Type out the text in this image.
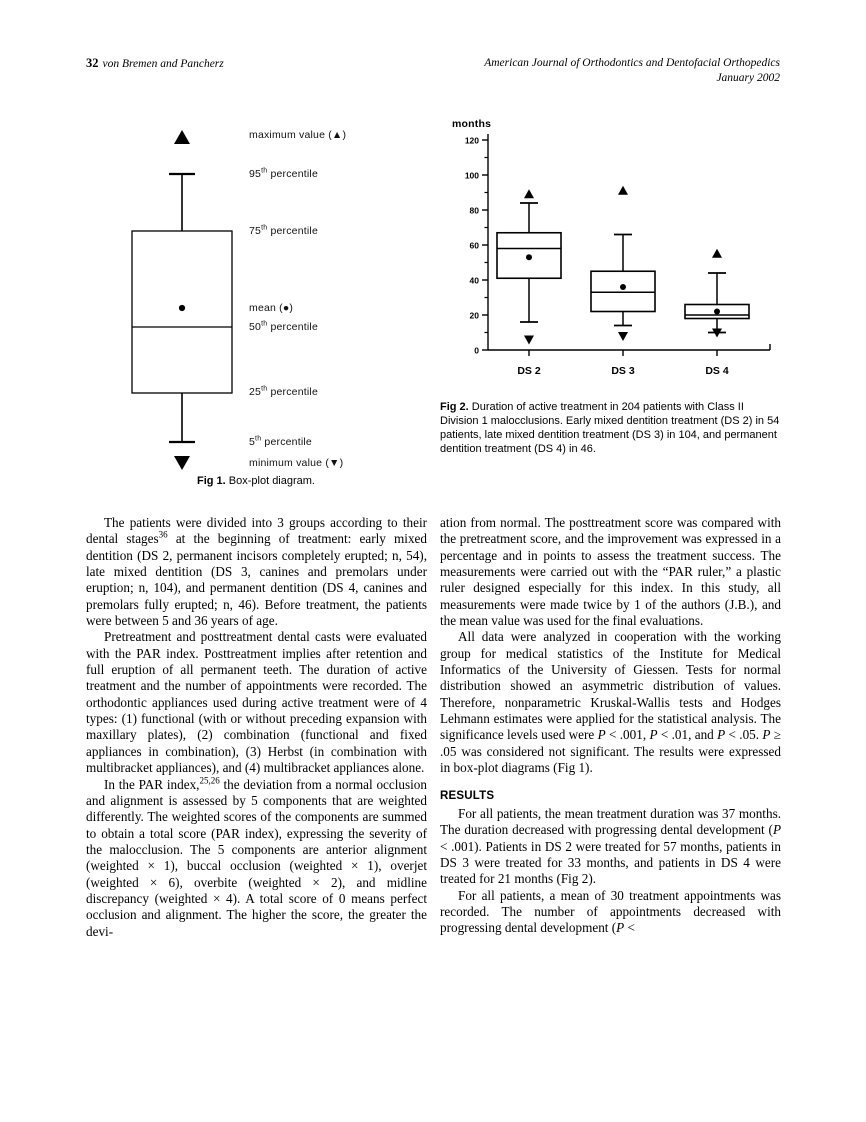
32 von Bremen and Pancherz	American Journal of Orthodontics and Dentofacial Orthopedics
January 2002
maximum value (▲)
95th percentile
75th percentile
mean (●)
50th percentile
25th percentile
5th percentile
minimum value (▼)
Fig 1. Box-plot diagram.
months
0
20
40
60
80
100
120
DS 2	DS 3	DS 4
Fig 2. Duration of active treatment in 204 patients with Class II Division 1 malocclusions. Early mixed dentition treatment (DS 2) in 54 patients, late mixed dentition treatment (DS 3) in 104, and permanent dentition treatment (DS 4) in 46.

The patients were divided into 3 groups according to their dental stages$^{36}$ at the beginning of treatment: early mixed dentition (DS 2, permanent incisors completely erupted; n, 54), late mixed dentition (DS 3, canines and premolars under eruption; n, 104), and permanent dentition (DS 4, canines and premolars fully erupted; n, 46). Before treatment, the patients were between 5 and 36 years of age.

Pretreatment and posttreatment dental casts were evaluated with the PAR index. Posttreatment implies after retention and full eruption of all permanent teeth. The duration of active treatment and the number of appointments were recorded. The orthodontic appliances used during active treatment were of 4 types: (1) functional (with or without preceding expansion with maxillary plates), (2) combination (functional and fixed appliances in combination), (3) Herbst (in combination with multibracket appliances), and (4) multibracket appliances alone.

In the PAR index,$^{25,26}$ the deviation from a normal occlusion and alignment is assessed by 5 components that are weighted differently. The weighted scores of the components are summed to obtain a total score (PAR index), expressing the severity of the malocclusion. The 5 components are anterior alignment (weighted × 1), buccal occlusion (weighted × 1), overjet (weighted × 6), overbite (weighted × 2), and midline discrepancy (weighted × 4). A total score of 0 means perfect occlusion and alignment. The higher the score, the greater the devi-

ation from normal. The posttreatment score was compared with the pretreatment score, and the improvement was expressed in a percentage and in points to assess the treatment success. The measurements were carried out with the “PAR ruler,” a plastic ruler designed especially for this index. In this study, all measurements were made twice by 1 of the authors (J.B.), and the mean value was used for the final evaluations.

All data were analyzed in cooperation with the working group for medical statistics of the Institute for Medical Informatics of the University of Giessen. Tests for normal distribution showed an asymmetric distribution of values. Therefore, nonparametric Kruskal-Wallis tests and Hodges Lehmann estimates were applied for the statistical analysis. The significance levels used were P < .001, P < .01, and P < .05. P ≥ .05 was considered not significant. The results were expressed in box-plot diagrams (Fig 1).

RESULTS

For all patients, the mean treatment duration was 37 months. The duration decreased with progressing dental development (P < .001). Patients in DS 2 were treated for 57 months, patients in DS 3 were treated for 33 months, and patients in DS 4 were treated for 21 months (Fig 2).

For all patients, a mean of 30 treatment appointments was recorded. The number of appointments decreased with progressing dental development (P <
